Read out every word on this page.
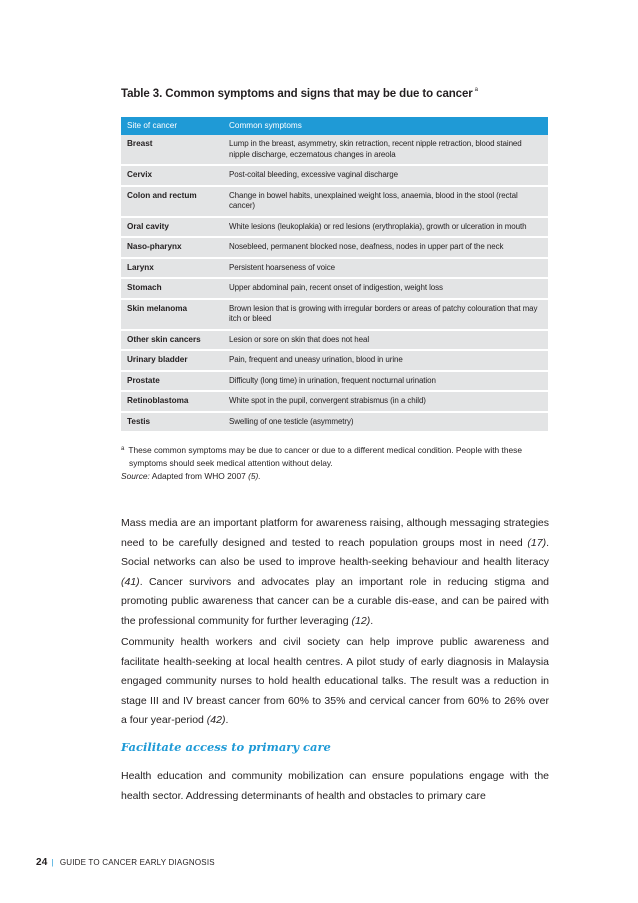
Table 3. Common symptoms and signs that may be due to cancer $^a$
Site of cancer	Common symptoms
Breast	Lump in the breast, asymmetry, skin retraction, recent nipple retraction, blood stained nipple discharge, eczematous changes in areola
Cervix	Post-coital bleeding, excessive vaginal discharge
Colon and rectum	Change in bowel habits, unexplained weight loss, anaemia, blood in the stool (rectal cancer)
Oral cavity	White lesions (leukoplakia) or red lesions (erythroplakia), growth or ulceration in mouth
Naso-pharynx	Nosebleed, permanent blocked nose, deafness, nodes in upper part of the neck
Larynx	Persistent hoarseness of voice
Stomach	Upper abdominal pain, recent onset of indigestion, weight loss
Skin melanoma	Brown lesion that is growing with irregular borders or areas of patchy colouration that may itch or bleed
Other skin cancers	Lesion or sore on skin that does not heal
Urinary bladder	Pain, frequent and uneasy urination, blood in urine
Prostate	Difficulty (long time) in urination, frequent nocturnal urination
Retinoblastoma	White spot in the pupil, convergent strabismus (in a child)
Testis	Swelling of one testicle (asymmetry)
$^a$ These common symptoms may be due to cancer or due to a different medical condition. People with these symptoms should seek medical attention without delay.
Source: Adapted from WHO 2007 (5).

Mass media are an important platform for awareness raising, although messaging strategies need to be carefully designed and tested to reach population groups most in need (17). Social networks can also be used to improve health-seeking behaviour and health literacy (41). Cancer survivors and advocates play an important role in reducing stigma and promoting public awareness that cancer can be a curable dis-ease, and can be paired with the professional community for further leveraging (12).

Community health workers and civil society can help improve public awareness and facilitate health-seeking at local health centres. A pilot study of early diagnosis in Malaysia engaged community nurses to hold health educational talks. The result was a reduction in stage III and IV breast cancer from 60% to 35% and cervical cancer from 60% to 26% over a four year-period (42).

Facilitate access to primary care

Health education and community mobilization can ensure populations engage with the health sector. Addressing determinants of health and obstacles to primary care

24 | GUIDE TO CANCER EARLY DIAGNOSIS
